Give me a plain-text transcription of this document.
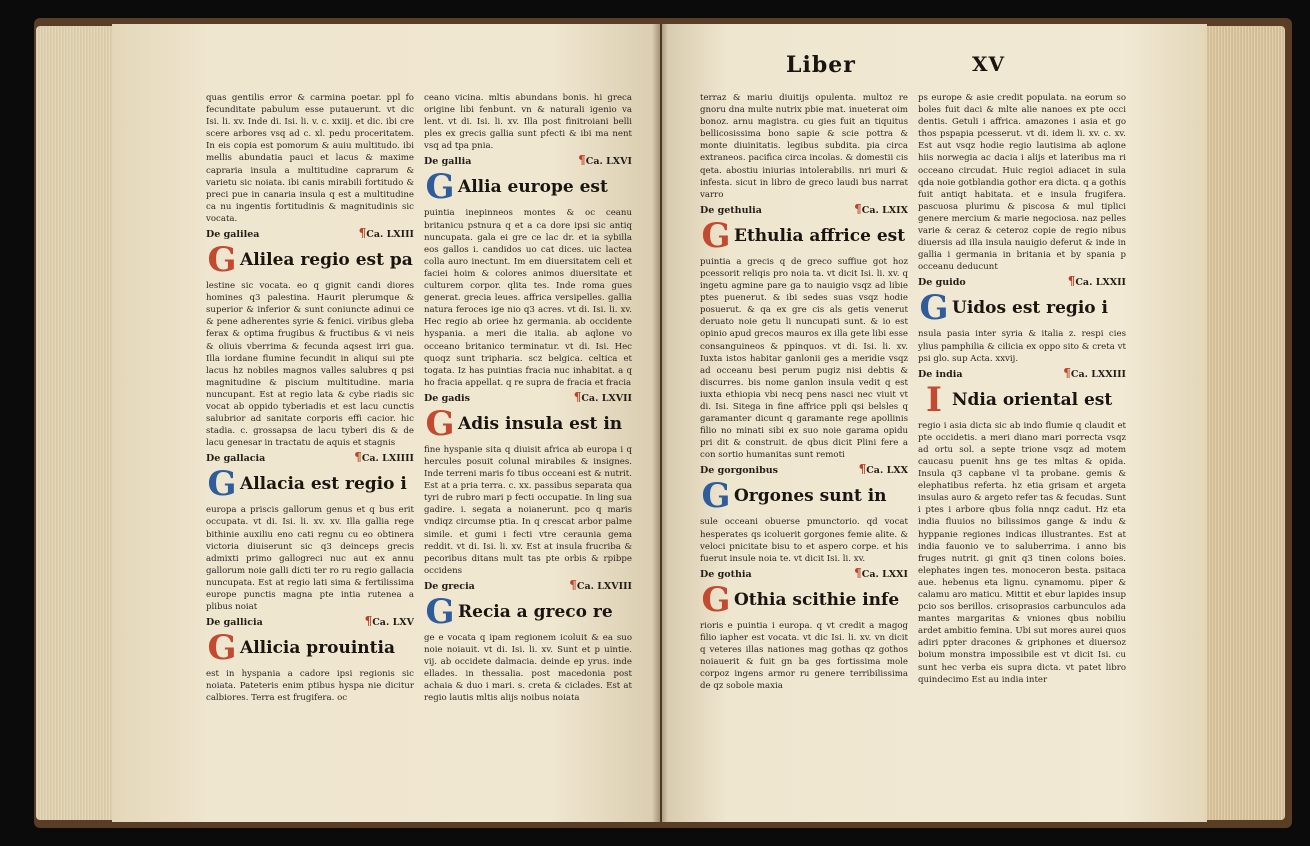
Liber	XV

quas gentilis error & carmina poetar. ppl fo fecunditate pabulum esse putauerunt. vt dic Isi. li. xv. Inde di. Isi. li. v. c. xxiij. et dic. ibi cre scere arbores vsq ad c. xl. pedu proceritatem. In eis copia est pomorum & auiu multitudo. ibi mellis abundatia pauci et lacus & maxime capraria insula a multitudine caprarum & varietu sic noiata. ibi canis mirabili fortitudo & preci pue in canaria insula q est a multitudine ca nu ingentis fortitudinis & magnitudinis sic vocata.

De galilea	¶Ca. LXIII
G Alilea regio est pa

lestine sic vocata. eo q gignit candi diores homines q3 palestina. Haurit plerumque & superior & inferior & sunt coniuncte adinui ce & pene adherentes syrie & fenici. viribus gleba ferax & optima frugibus & fructibus & vi neis & oliuis vberrima & fecunda aqsest irri gua. Illa iordane flumine fecundit in aliqui sui pte lacus hz nobiles magnos valles salubres q psi magnitudine & piscium multitudine. maria nuncupant. Est at regio lata & cybe riadis sic vocat ab oppido tyberiadis et est lacu cunctis salubrior ad sanitate corporis effi cacior. hic stadia. c. grossapsa de lacu tyberi dis & de lacu genesar in tractatu de aquis et stagnis

De gallacia	¶Ca. LXIIII
G Allacia est regio i

europa a priscis gallorum genus et q bus erit occupata. vt di. Isi. li. xv. xv. Illa gallia rege bithinie auxiliu eno cati regnu cu eo obtinera victoria diuiserunt sic q3 deinceps grecis admixti primo gallogreci nuc aut ex annu gallorum noie galli dicti ter ro ru regio gallacia nuncupata. Est at regio lati sima & fertilissima europe punctis magna pte intia rutenea a plibus noiat

De gallicia	¶Ca. LXV
G Allicia prouintia

est in hyspania a cadore ipsi regionis sic noiata. Pateteris enim ptibus hyspa nie dicitur calbiores. Terra est frugifera. oc

ceano vicina. mltis abundans bonis. hi greca origine libi fenbunt. vn & naturali igenio va lent. vt di. Isi. li. xv. Illa post finitroiani belli ples ex grecis gallia sunt pfecti & ibi ma nent vsq ad tpa pnia.

De gallia	¶Ca. LXVI
G Allia europe est

puintia inepinneos montes & oc ceanu britanicu pstnura q et a ca dore ipsi sic antiq nuncupata. gala ei gre ce lac dr. et ia sybilla eos gallos i. candidos uo cat dices. uic lactea colla auro inectunt. Im em diuersitatem celi et faciei hoim & colores animos diuersitate et culturem corpor. qlita tes. Inde roma gues generat. grecia leues. affrica versipelles. gallia natura feroces ige nio q3 acres. vt di. Isi. li. xv. Hec regio ab oriee hz germania. ab occidente hyspania. a meri die italia. ab aqlone vo occeano britanico terminatur. vt di. Isi. Hec quoqz sunt tripharia. scz belgica. celtica et togata. Iz has puintias fracia nuc inhabitat. a q ho fracia appellat. q re supra de fracia et fracia

De gadis	¶Ca. LXVII
G Adis insula est in

fine hyspanie sita q diuisit africa ab europa i q hercules posuit colunal mirabiles & insignes. Inde terreni maris fo tibus occeani est & nutrit. Est at a pria terra. c. xx. passibus separata qua tyri de rubro mari p fecti occupatie. In ling sua gadire. i. segata a noianerunt. pco q maris vndiqz circumse ptia. In q crescat arbor palme simile. et gumi i fecti vtre ceraunia gema reddit. vt di. Isi. li. xv. Est at insula frucriba & pecoribus ditans mult tas pte orbis & rpibpe occidens

De grecia	¶Ca. LXVIII
G Recia a greco re

ge e vocata q ipam regionem icoluit & ea suo noie noiauit. vt di. Isi. li. xv. Sunt et p uintie. vij. ab occidete dalmacia. deinde ep yrus. inde ellades. in thessalia. post macedonia post achaia & duo i mari. s. creta & ciclades. Est at regio lautis mltis alijs noibus noiata

terraz & mariu diuitijs opulenta. multoz re gnoru dna multe nutrix pbie mat. inueterat oim bonoz. arnu magistra. cu gies fuit an tiquitus bellicosissima bono sapie & scie pottra & monte diuinitatis. legibus subdita. pia circa extraneos. pacifica circa incolas. & domestii cis qeta. abostiu iniurias intolerabilis. nri muri & infesta. sicut in libro de greco laudi bus narrat varro

De gethulia	¶Ca. LXIX
G Ethulia affrice est

puintia a grecis q de greco suffiue got hoz pcessorit reliqis pro noia ta. vt dicit Isi. li. xv. q ingetu agmine pare ga to nauigio vsqz ad libie ptes puenerut. & ibi sedes suas vsqz hodie posuerut. & qa ex gre cis als getis venerut deruato noie getu li nuncupati sunt. & io est opinio apud grecos mauros ex illa gete libi esse consanguineos & ppinquos. vt di. Isi. li. xv. Iuxta istos habitar ganlonii ges a meridie vsqz ad occeanu besi perum pugiz nisi debtis & discurres. bis nome ganlon insula vedit q est iuxta ethiopia vbi necq pens nasci nec viuit vt di. Isi. Sitega in fine affrice ppli qsi belsles q garamanter dicunt q garamante rege apollinis filio no minati sibi ex suo noie garama opidu pri dit & construit. de qbus dicit Plini fere a con sortio humanitas sunt remoti

De gorgonibus	¶Ca. LXX
G Orgones sunt in

sule occeani obuerse pmunctorio. qd vocat hesperates qs icoluerit gorgones femie alite. & veloci pnicitate bisu to et aspero corpe. et his fuerut insule noia te. vt dicit Isi. li. xv.

De gothia	¶Ca. LXXI
G Othia scithie infe

rioris e puintia i europa. q vt credit a magog filio iapher est vocata. vt dic Isi. li. xv. vn dicit q veteres illas nationes mag gothas qz gothos noiauerit & fuit gn ba ges fortissima mole corpoz ingens armor ru genere terribilissima de qz sobole maxia

ps europe & asie credit populata. na eorum so boles fuit daci & mlte alie nanoes ex pte occi dentis. Getuli i affrica. amazones i asia et go thos pspapia pcesserut. vt di. idem li. xv. c. xv. Est aut vsqz hodie regio lautisima ab aqlone hiis norwegia ac dacia i alijs et lateribus ma ri occeano circudat. Huic regioi adiacet in sula qda noie gotblandia gothor era dicta. q a gothis fuit antiqt habitata. et e insula frugifera. pascuosa plurimu & piscosa & mul tiplici genere mercium & marie negociosa. naz pelles varie & ceraz & ceteroz copie de regio nibus diuersis ad illa insula nauigio deferut & inde in gallia i germania in britania et by spania p occeanu deducunt

De guido	¶Ca. LXXII
G Uidos est regio i

nsula pasia inter syria & italia z. respi cies ylius pamphilia & cilicia ex oppo sito & creta vt psi glo. sup Acta. xxvij.

De india	¶Ca. LXXIII
I Ndia oriental est

regio i asia dicta sic ab indo flumie q claudit et pte occidetis. a meri diano mari porrecta vsqz ad ortu sol. a septe trione vsqz ad motem caucasu puenit hns ge tes mltas & opida. Insula q3 capbane vl ta probane. gemis & elephatibus referta. hz etia grisam et argeta insulas auro & argeto refer tas & fecudas. Sunt i ptes i arbore qbus folia nnqz cadut. Hz eta india fluuios no bilissimos gange & indu & hyppanie regiones indicas illustrantes. Est at india fauonio ve to saluberrima. i anno bis fruges nutrit. gi gnit q3 tinen colons boies. elephates ingen tes. monoceron besta. psitaca aue. hebenus eta lignu. cynamomu. piper & calamu aro maticu. Mittit et ebur lapides insup pcio sos berillos. crisoprasios carbunculos ada mantes margaritas & vniones qbus nobiliu ardet ambitio femina. Ubi sut mores aurei quos adiri ppter dracones & griphones et diuersoz boium monstra impossibile est vt dicit Isi. cu sunt hec verba eis supra dicta. vt patet libro quindecimo Est au india inter
